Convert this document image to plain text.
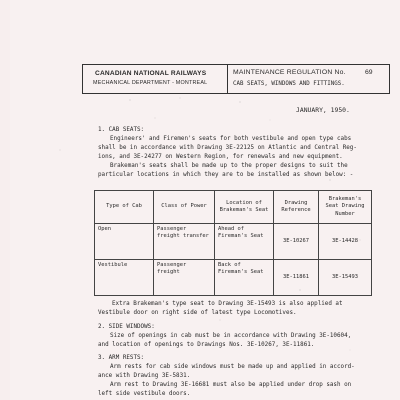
CANADIAN NATIONAL RAILWAYS
MECHANICAL DEPARTMENT - MONTREAL
MAINTENANCE REGULATION No.	69
CAB SEATS, WINDOWS AND FITTINGS.
JANUARY, 1950.
1. CAB SEATS:
Engineers' and Firemen's seats for both vestibule and open type cabs
shall be in accordance with Drawing 3E-22125 on Atlantic and Central Reg-
ions, and 3E-24277 on Western Region, for renewals and new equipment.
Brakeman's seats shall be made up to the proper designs to suit the
particular locations in which they are to be installed as shown below: -
Type of Cab	Class of Power	Location of Brakeman's Seat	Drawing Reference	Brakeman's Seat Drawing Number
Open	Passenger freight transfer	Ahead of Fireman's Seat	3E-10267	3E-14428
Vestibule	Passenger freight	Back of Fireman's Seat	3E-11861	3E-15493
Extra Brakeman's type seat to Drawing 3E-15493 is also applied at
Vestibule door on right side of latest type Locomotives.
2. SIDE WINDOWS:
Size of openings in cab must be in accordance with Drawing 3E-10604,
and location of openings to Drawings Nos. 3E-10267, 3E-11861.
3. ARM RESTS:
Arm rests for cab side windows must be made up and applied in accord-
ance with Drawing 3E-5831.
Arm rest to Drawing 3E-16681 must also be applied under drop sash on
left side vestibule doors.
